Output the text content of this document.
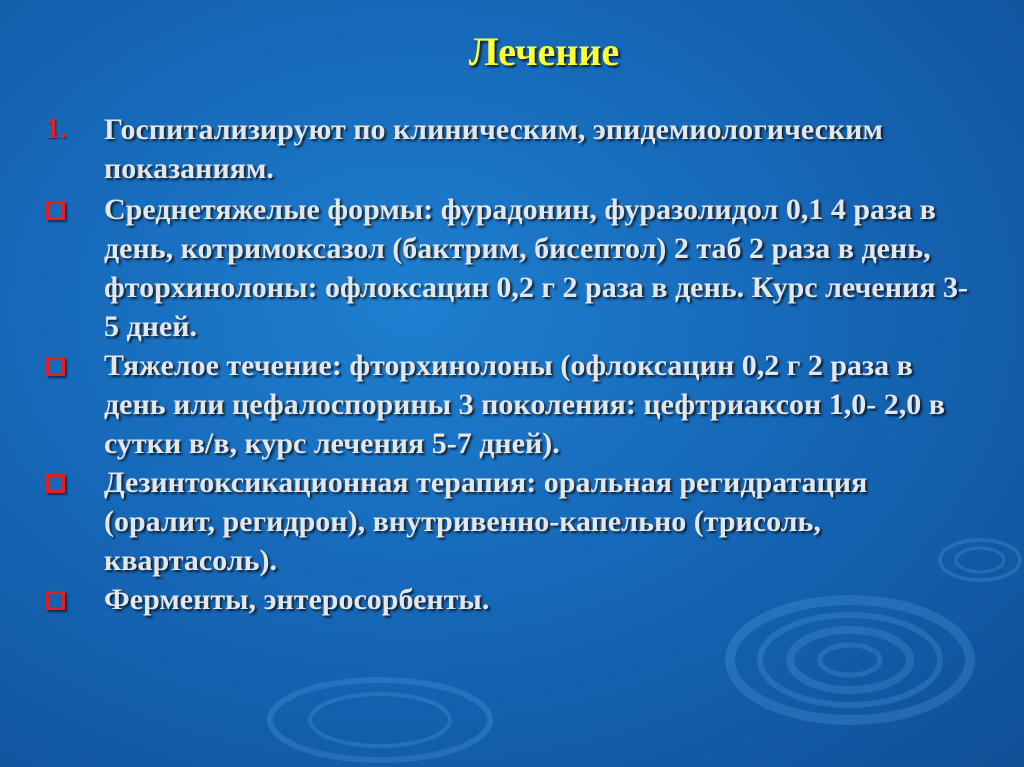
Лечение
1. Госпитализируют по клиническим, эпидемиологическим показаниям.
Среднетяжелые формы: фурадонин, фуразолидол 0,1 4 раза в день, котримоксазол (бактрим, бисептол) 2 таб 2 раза в день, фторхинолоны: офлоксацин 0,2 г 2 раза в день. Курс лечения 3-5 дней.
Тяжелое течение: фторхинолоны (офлоксацин 0,2 г 2 раза в день или цефалоспорины 3 поколения: цефтриаксон 1,0- 2,0 в сутки в/в, курс лечения 5-7 дней).
Дезинтоксикационная терапия: оральная регидратация (оралит, регидрон), внутривенно-капельно (трисоль, квартасоль).
Ферменты, энтеросорбенты.
